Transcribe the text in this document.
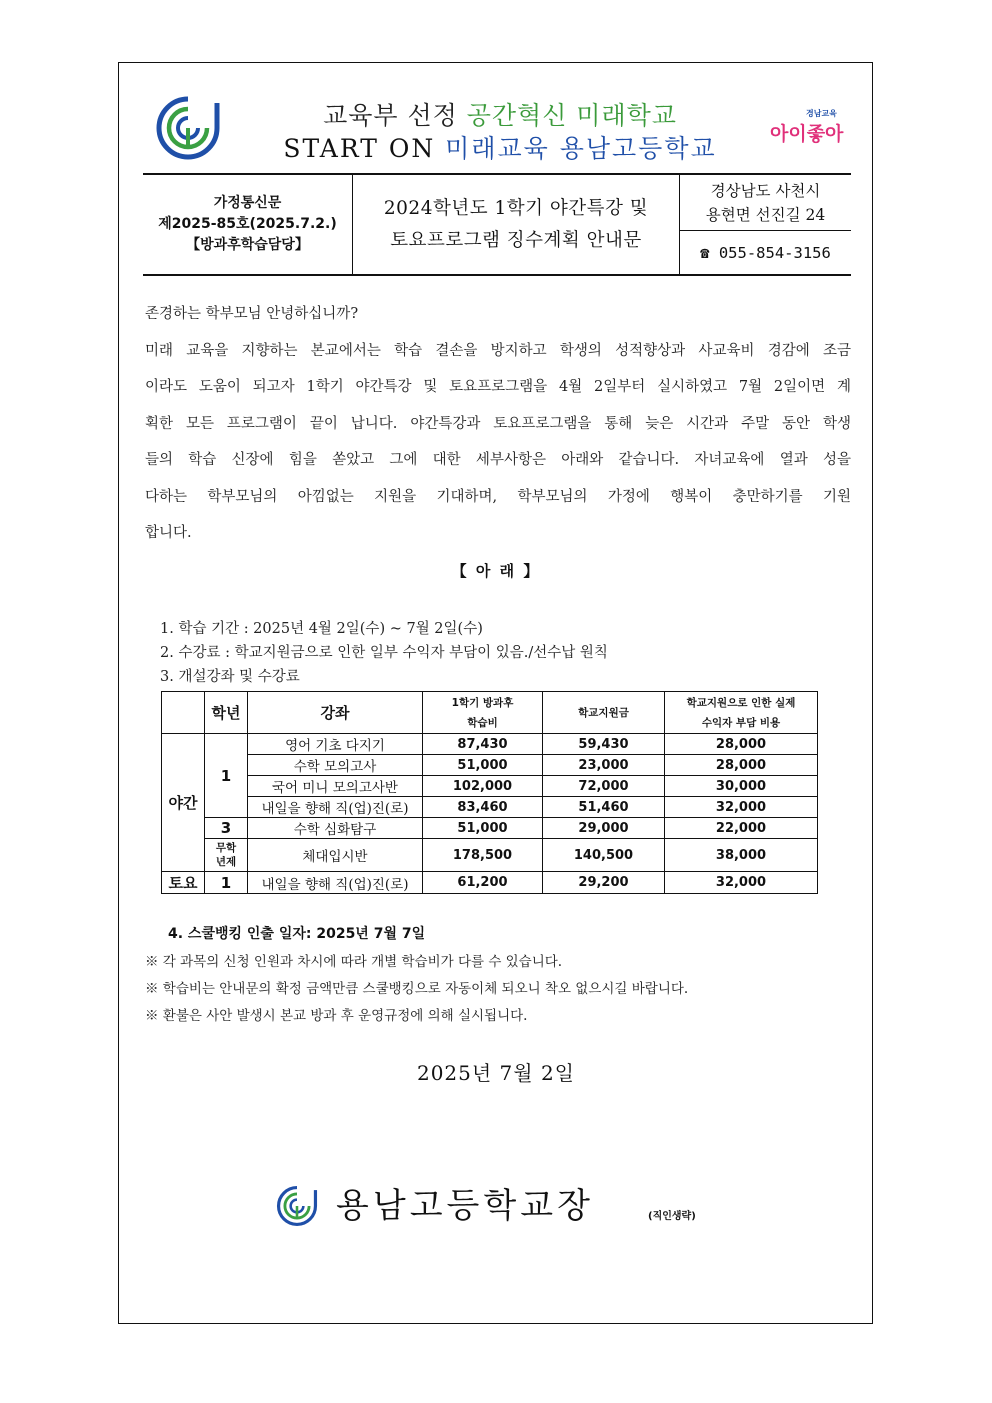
교육부 선정 공간혁신 미래학교
START ON 미래교육 용남고등학교
경남교육
아이좋아
가정통신문
제2025-85호(2025.7.2.)
【방과후학습담당】
2024학년도 1학기 야간특강 및
토요프로그램 징수계획 안내문
경상남도 사천시
용현면 선진길 24
☎ 055-854-3156

존경하는 학부모님 안녕하십니까?

미래 교육을 지향하는 본교에서는 학습 결손을 방지하고 학생의 성적향상과 사교육비 경감에 조금

이라도 도움이 되고자 1학기 야간특강 및 토요프로그램을 4월 2일부터 실시하였고 7월 2일이면 계

획한 모든 프로그램이 끝이 납니다. 야간특강과 토요프로그램을 통해 늦은 시간과 주말 동안 학생

들의 학습 신장에 힘을 쏟았고 그에 대한 세부사항은 아래와 같습니다. 자녀교육에 열과 성을

다하는 학부모님의 아낌없는 지원을 기대하며, 학부모님의 가정에 행복이 충만하기를 기원

합니다.

【 아 래 】
1. 학습 기간 : 2025년 4월 2일(수) ~ 7월 2일(수)
2. 수강료 : 학교지원금으로 인한 일부 수익자 부담이 있음./선수납 원칙
3. 개설강좌 및 수강료
	학년	강좌	1학기 방과후
학습비	학교지원금	학교지원으로 인한 실제
수익자 부담 비용
야간	1	영어 기초 다지기	87,430	59,430	28,000
		수학 모의고사	51,000	23,000	28,000
		국어 미니 모의고사반	102,000	72,000	30,000
		내일을 향해 직(업)진(로)	83,460	51,460	32,000
	3	수학 심화탐구	51,000	29,000	22,000
	무학
년제	체대입시반	178,500	140,500	38,000
토요	1	내일을 향해 직(업)진(로)	61,200	29,200	32,000
4. 스쿨뱅킹 인출 일자: 2025년 7월 7일
※ 각 과목의 신청 인원과 차시에 따라 개별 학습비가 다를 수 있습니다.
※ 학습비는 안내문의 확정 금액만큼 스쿨뱅킹으로 자동이체 되오니 착오 없으시길 바랍니다.
※ 환불은 사안 발생시 본교 방과 후 운영규정에 의해 실시됩니다.
2025년 7월 2일
용남고등학교장	(직인생략)
